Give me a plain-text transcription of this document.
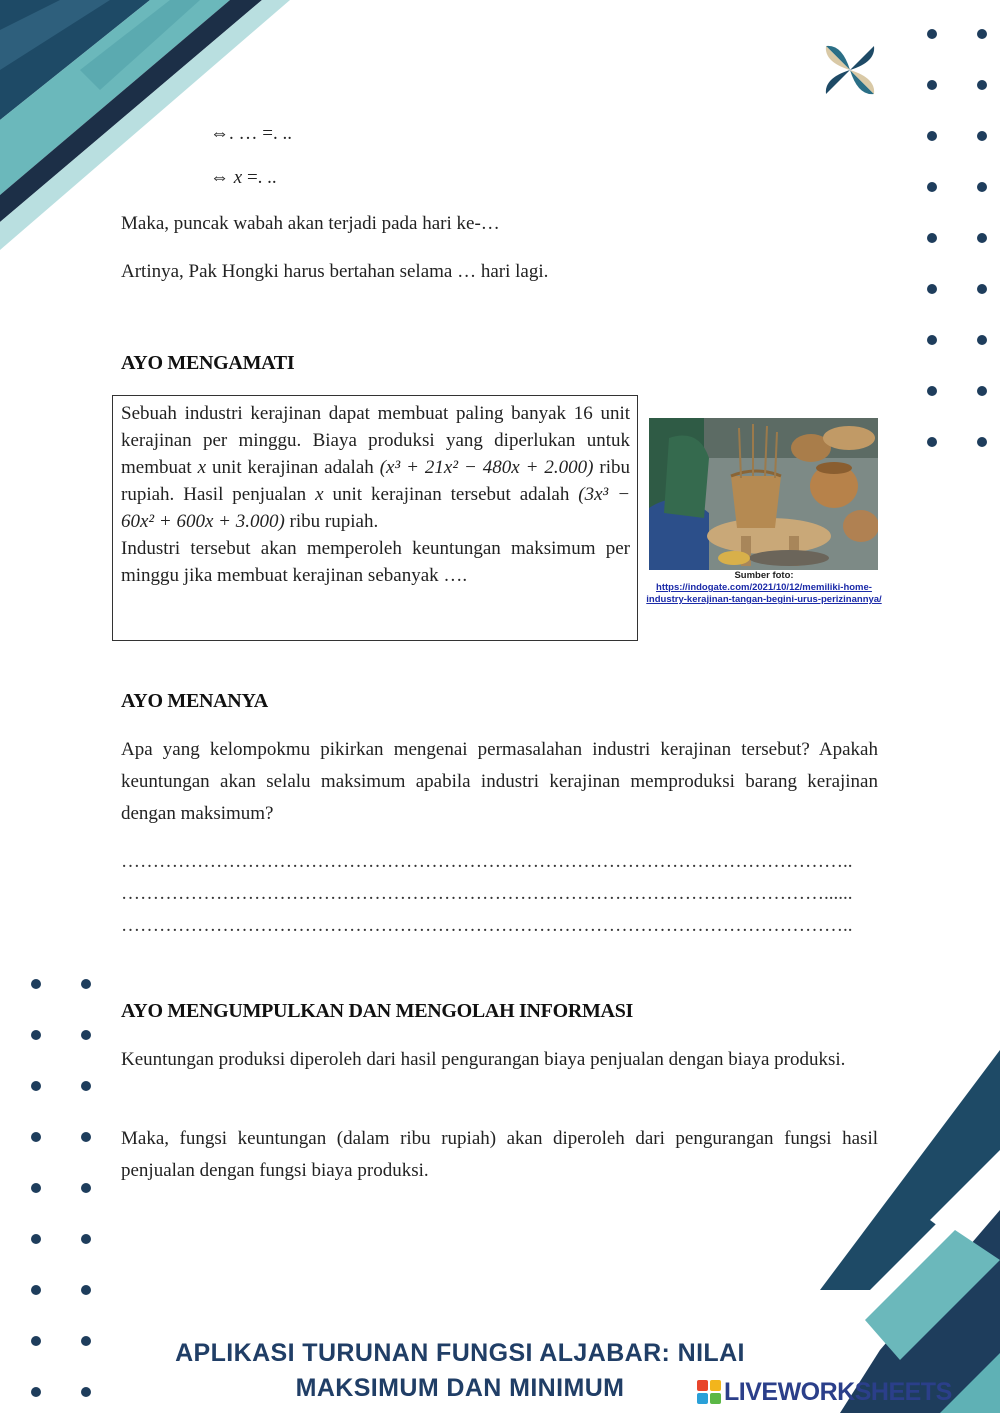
⇔. … =. ..
⇔ x =. ..
Maka, puncak wabah akan terjadi pada hari ke-…
Artinya, Pak Hongki harus bertahan selama … hari lagi.
AYO MENGAMATI
Sebuah industri kerajinan dapat membuat paling banyak 16 unit kerajinan per minggu. Biaya produksi yang diperlukan untuk membuat x unit kerajinan adalah (x³ + 21x² − 480x + 2.000) ribu rupiah. Hasil penjualan x unit kerajinan tersebut adalah (3x³ − 60x² + 600x + 3.000) ribu rupiah.
Industri tersebut akan memperoleh keuntungan maksimum per minggu jika membuat kerajinan sebanyak ….	Sumber foto:
https://indogate.com/2021/10/12/memiliki-home-industry-kerajinan-tangan-begini-urus-perizinannya/
AYO MENANYA
Apa yang kelompokmu pikirkan mengenai permasalahan industri kerajinan tersebut? Apakah keuntungan akan selalu maksimum apabila industri kerajinan memproduksi barang kerajinan dengan maksimum?
……………………………………………………………………………………………………..
…………………………………………………………………………………………………......
……………………………………………………………………………………………………..
AYO MENGUMPULKAN DAN MENGOLAH INFORMASI
Keuntungan produksi diperoleh dari hasil pengurangan biaya penjualan dengan biaya produksi.
Maka, fungsi keuntungan (dalam ribu rupiah) akan diperoleh dari pengurangan fungsi hasil penjualan dengan fungsi biaya produksi.
APLIKASI TURUNAN FUNGSI ALJABAR: NILAI
MAKSIMUM DAN MINIMUM	LIVEWORKSHEETS
